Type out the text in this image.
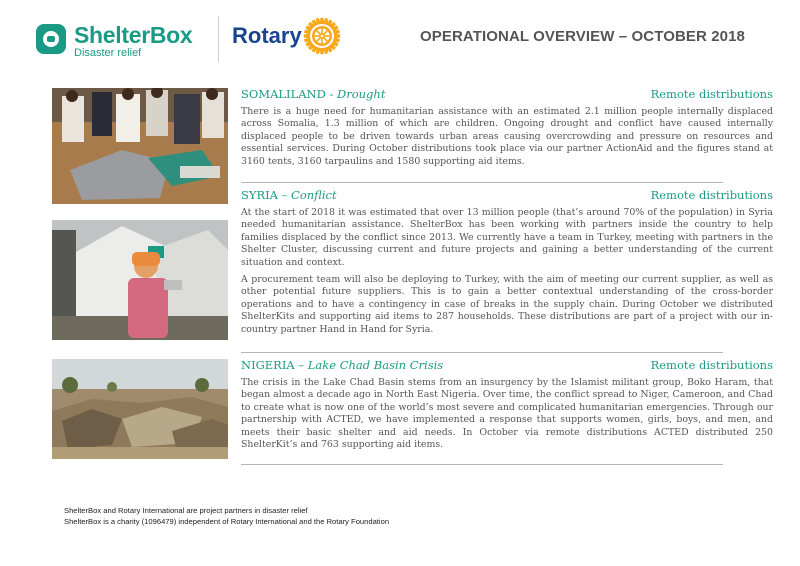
ShelterBox
Disaster relief
Rotary	OPERATIONAL OVERVIEW – OCTOBER 2018
SOMALILAND - Drought	Remote distributions

There is a huge need for humanitarian assistance with an estimated 2.1 million people internally displaced across Somalia, 1.3 million of which are children. Ongoing drought and conflict have caused internally displaced people to be driven towards urban areas causing overcrowding and pressure on resources and essential services. During October distributions took place via our partner ActionAid and the figures stand at 3160 tents, 3160 tarpaulins and 1580 supporting aid items.

SYRIA – Conflict	Remote distributions

At the start of 2018 it was estimated that over 13 million people (that’s around 70% of the population) in Syria needed humanitarian assistance. ShelterBox has been working with partners inside the country to help families displaced by the conflict since 2013. We currently have a team in Turkey, meeting with partners in the Shelter Cluster, discussing current and future projects and gaining a better understanding of the current situation and context.

A procurement team will also be deploying to Turkey, with the aim of meeting our current supplier, as well as other potential future suppliers. This is to gain a better contextual understanding of the cross-border operations and to have a contingency in case of breaks in the supply chain. During October we distributed ShelterKits and supporting aid items to 287 households. These distributions are part of a project with our in-country partner Hand in Hand for Syria.

NIGERIA – Lake Chad Basin Crisis	Remote distributions

The crisis in the Lake Chad Basin stems from an insurgency by the Islamist militant group, Boko Haram, that began almost a decade ago in North East Nigeria. Over time, the conflict spread to Niger, Cameroon, and Chad to create what is now one of the world’s most severe and complicated humanitarian emergencies. Through our partnership with ACTED, we have implemented a response that supports women, girls, boys, and men, and meets their basic shelter and aid needs. In October via remote distributions ACTED distributed 250 ShelterKit’s and 763 supporting aid items.

ShelterBox and Rotary International are project partners in disaster relief
ShelterBox is a charity (1096479) independent of Rotary International and the Rotary Foundation
